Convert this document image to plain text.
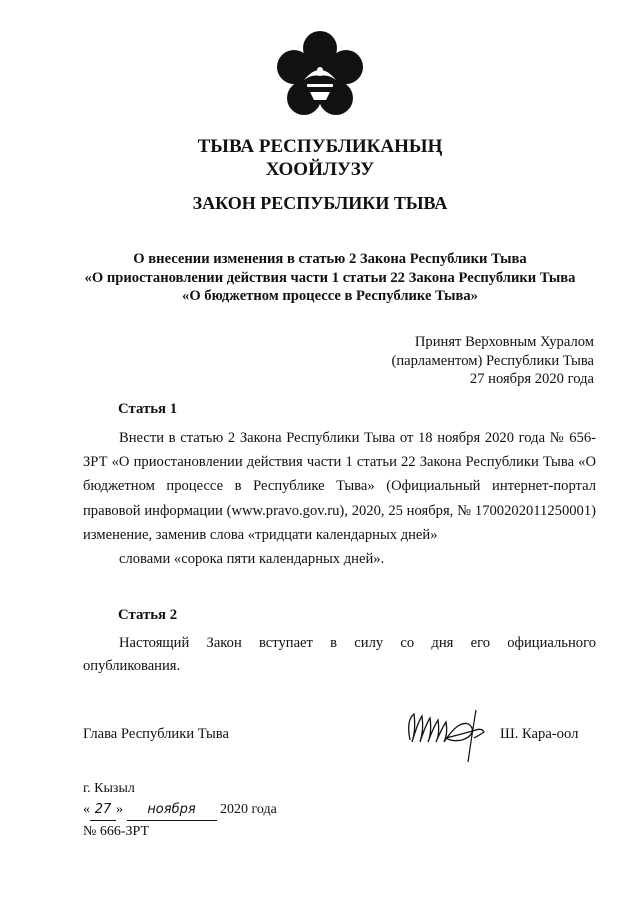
ТЫВА РЕСПУБЛИКАНЫҢ
ХООЙЛУЗУ
ЗАКОН РЕСПУБЛИКИ ТЫВА
О внесении изменения в статью 2 Закона Республики Тыва
«О приостановлении действия части 1 статьи 22 Закона Республики Тыва
«О бюджетном процессе в Республике Тыва»
Принят Верховным Хуралом
(парламентом) Республики Тыва
27 ноября 2020 года
Статья 1
Внести в статью 2 Закона Республики Тыва от 18 ноября 2020 года № 656-ЗРТ «О приостановлении действия части 1 статьи 22 Закона Республики Тыва «О бюджетном процессе в Республике Тыва» (Официальный интернет-портал правовой информации (www.pravo.gov.ru), 2020, 25 ноября, № 1700202011250001) изменение, заменив слова «тридцати календарных дней»
словами «сорока пяти календарных дней».
Статья 2
Настоящий Закон вступает в силу со дня его официального
опубликования.
Глава Республики Тыва	Ш. Кара-оол
г. Кызыл
« 27 » ноября 2020 года
№ 666-ЗРТ
